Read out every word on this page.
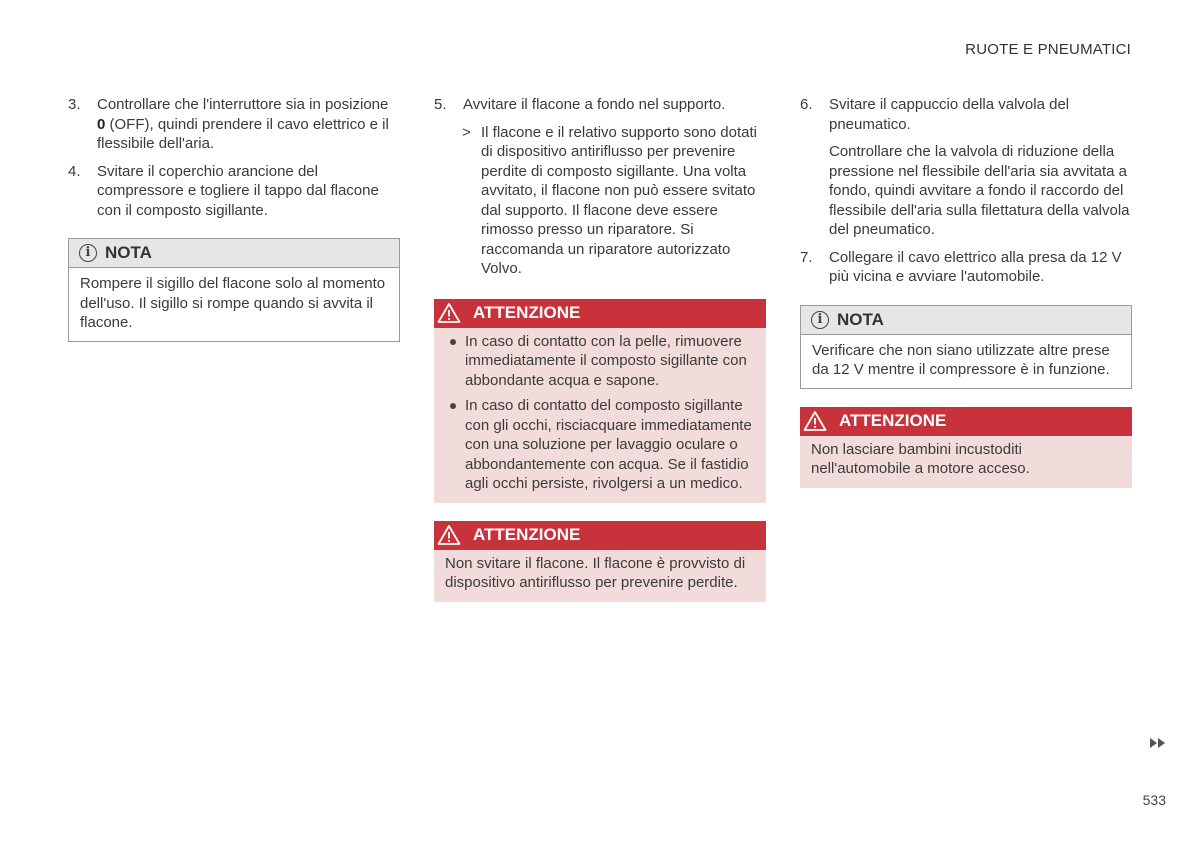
RUOTE E PNEUMATICI
3. Controllare che l'interruttore sia in posizione 0 (OFF), quindi prendere il cavo elettrico e il flessibile dell'aria.
4. Svitare il coperchio arancione del compressore e togliere il tappo dal flacone con il composto sigillante.
i NOTA
Rompere il sigillo del flacone solo al momento dell'uso. Il sigillo si rompe quando si avvita il flacone.
5. Avvitare il flacone a fondo nel supporto.
> Il flacone e il relativo supporto sono dotati di dispositivo antiriflusso per prevenire perdite di composto sigillante. Una volta avvitato, il flacone non può essere svitato dal supporto. Il flacone deve essere rimosso presso un riparatore. Si raccomanda un riparatore autorizzato Volvo.
ATTENZIONE
In caso di contatto con la pelle, rimuovere immediatamente il composto sigillante con abbondante acqua e sapone.
In caso di contatto del composto sigillante con gli occhi, risciacquare immediatamente con una soluzione per lavaggio oculare o abbondantemente con acqua. Se il fastidio agli occhi persiste, rivolgersi a un medico.
ATTENZIONE
Non svitare il flacone. Il flacone è provvisto di dispositivo antiriflusso per prevenire perdite.
6. Svitare il cappuccio della valvola del pneumatico.
Controllare che la valvola di riduzione della pressione nel flessibile dell'aria sia avvitata a fondo, quindi avvitare a fondo il raccordo del flessibile dell'aria sulla filettatura della valvola del pneumatico.
7. Collegare il cavo elettrico alla presa da 12 V più vicina e avviare l'automobile.
i NOTA
Verificare che non siano utilizzate altre prese da 12 V mentre il compressore è in funzione.
ATTENZIONE
Non lasciare bambini incustoditi nell'automobile a motore acceso.
533
